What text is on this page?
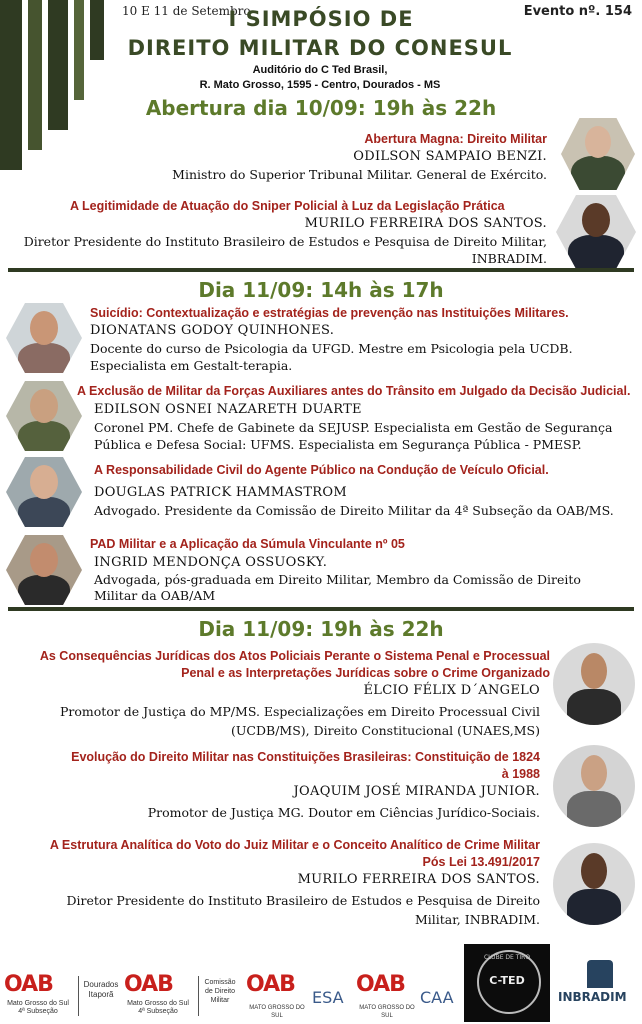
10 E 11 de Setembro	Evento nº. 154
I SIMPÓSIO DE
DIREITO MILITAR DO CONESUL
Auditório do C Ted Brasil,
R. Mato Grosso, 1595 - Centro, Dourados - MS
Abertura dia 10/09: 19h às 22h
Abertura Magna: Direito Militar
ODILSON SAMPAIO BENZI.
Ministro do Superior Tribunal Militar. General de Exército.
A Legitimidade de Atuação do Sniper Policial à Luz da Legislação Prática
MURILO FERREIRA DOS SANTOS.
Diretor Presidente do Instituto Brasileiro de Estudos e Pesquisa de Direito Militar,
INBRADIM.
Dia 11/09: 14h às 17h
Suicídio: Contextualização e estratégias de prevenção nas Instituições Militares.
DIONATANS GODOY QUINHONES.
Docente do curso de Psicologia da UFGD. Mestre em Psicologia pela UCDB.
Especialista em Gestalt-terapia.
A Exclusão de Militar da Forças Auxiliares antes do Trânsito em Julgado da Decisão Judicial.
EDILSON OSNEI NAZARETH DUARTE
Coronel PM. Chefe de Gabinete da SEJUSP. Especialista em Gestão de Segurança
Pública e Defesa Social: UFMS. Especialista em Segurança Pública - PMESP.
A Responsabilidade Civil do Agente Público na Condução de Veículo Oficial.
DOUGLAS PATRICK HAMMASTROM
Advogado. Presidente da Comissão de Direito Militar da 4ª Subseção da OAB/MS.
PAD Militar e a Aplicação da Súmula Vinculante nº 05
INGRID MENDONÇA OSSUOSKY.
Advogada, pós-graduada em Direito Militar, Membro da Comissão de Direito
Militar da OAB/AM
Dia 11/09: 19h às 22h
As Consequências Jurídicas dos Atos Policiais Perante o Sistema Penal e Processual
Penal e as Interpretações Jurídicas sobre o Crime Organizado
ÉLCIO FÉLIX D´ANGELO
Promotor de Justiça do MP/MS. Especializações em Direito Processual Civil
(UCDB/MS), Direito Constitucional (UNAES,MS)
Evolução do Direito Militar nas Constituições Brasileiras: Constituição de 1824
à 1988
JOAQUIM JOSÉ MIRANDA JUNIOR.
Promotor de Justiça MG. Doutor em Ciências Jurídico-Sociais.
A Estrutura Analítica do Voto do Juiz Militar e o Conceito Analítico de Crime Militar
Pós Lei 13.491/2017
MURILO FERREIRA DOS SANTOS.
Diretor Presidente do Instituto Brasileiro de Estudos e Pesquisa de Direito
Militar, INBRADIM.
OAB
Mato Grosso do Sul
4ª Subseção
Dourados
Itaporã OAB
Mato Grosso do Sul
4ª Subseção
Comissão
de Direito
Militar
OAB
MATO GROSSO DO SUL
ESA
OAB
MATO GROSSO DO SUL
CAA
CLUBE DE TIRO
C-TED
INBRADIM
